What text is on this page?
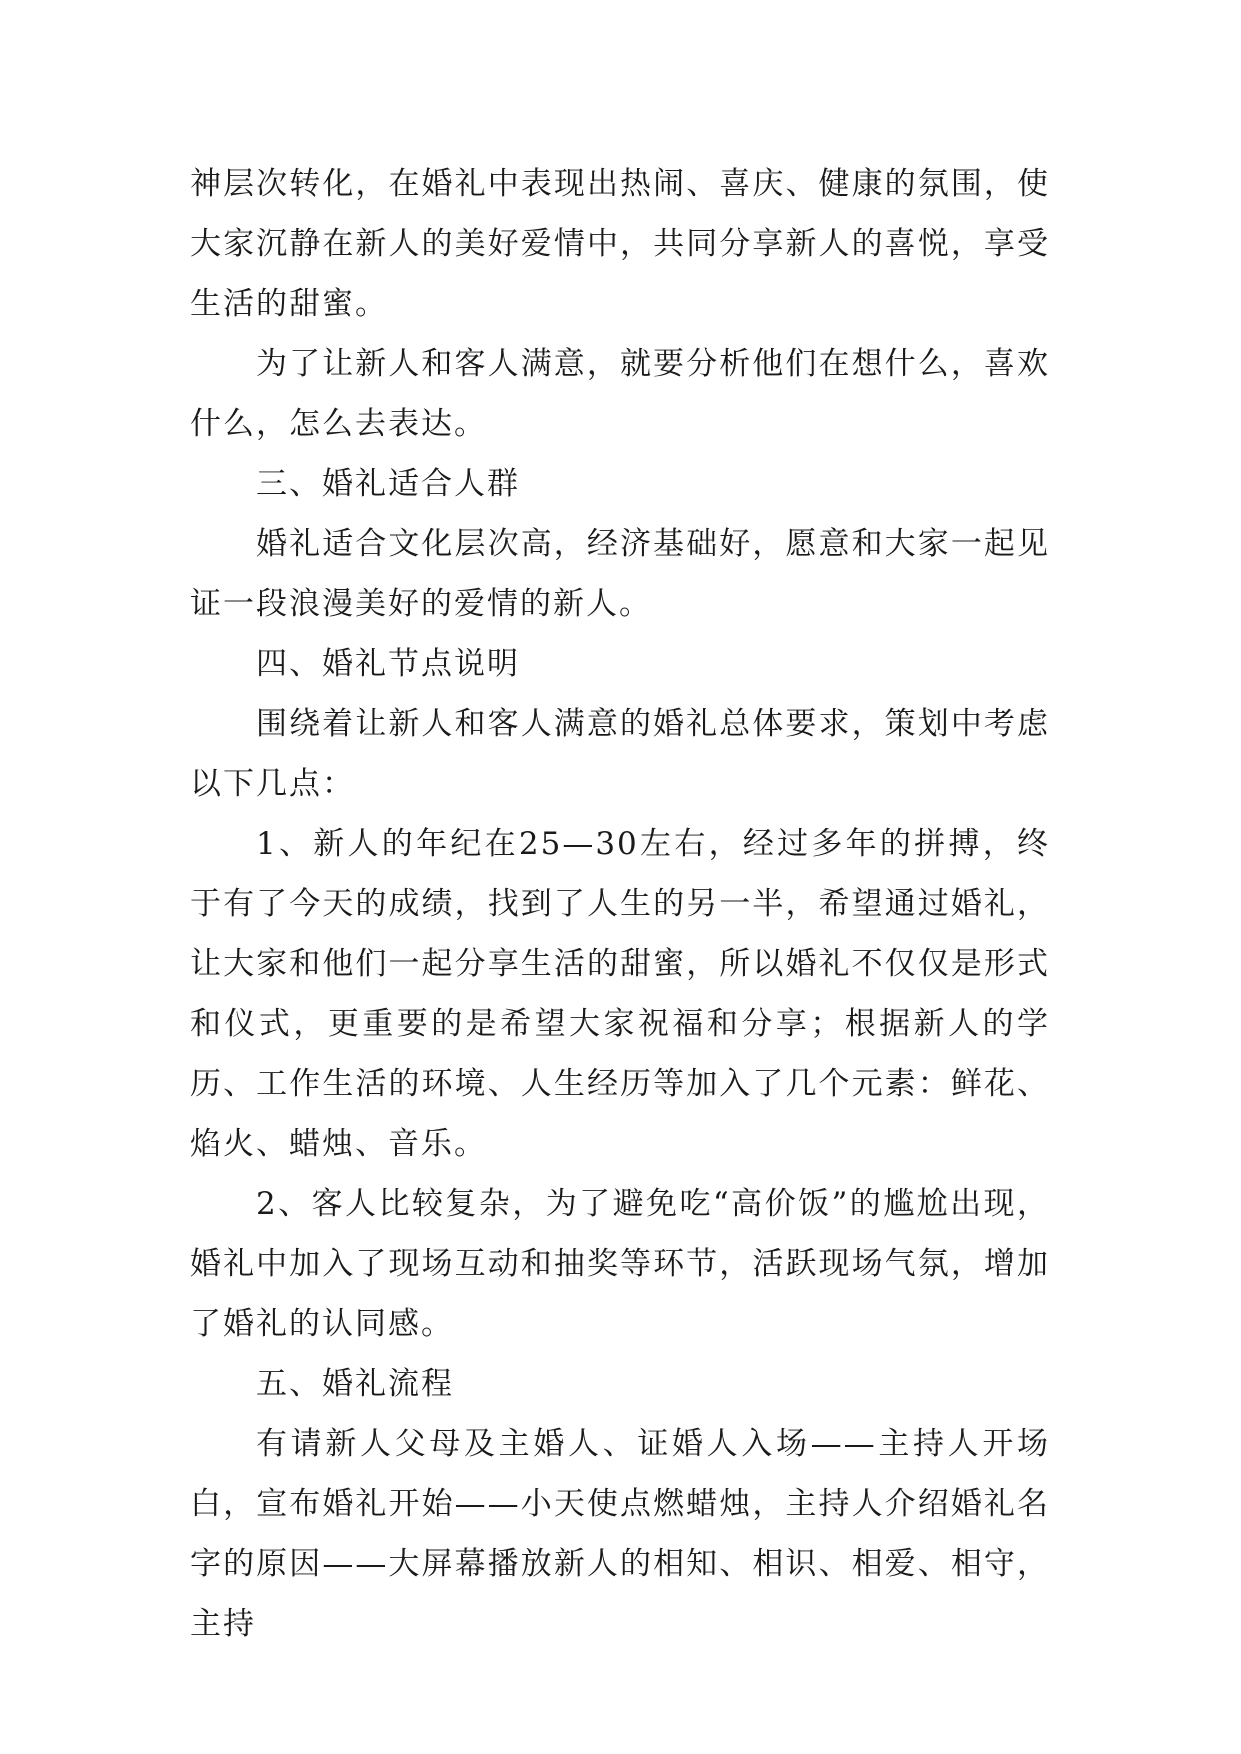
神层次转化，在婚礼中表现出热闹、喜庆、健康的氛围，使大家沉静在新人的美好爱情中，共同分享新人的喜悦，享受生活的甜蜜。

为了让新人和客人满意，就要分析他们在想什么，喜欢什么，怎么去表达。

三、婚礼适合人群

婚礼适合文化层次高，经济基础好，愿意和大家一起见证一段浪漫美好的爱情的新人。

四、婚礼节点说明

围绕着让新人和客人满意的婚礼总体要求，策划中考虑以下几点：

1、新人的年纪在25—30左右，经过多年的拼搏，终于有了今天的成绩，找到了人生的另一半，希望通过婚礼，让大家和他们一起分享生活的甜蜜，所以婚礼不仅仅是形式和仪式，更重要的是希望大家祝福和分享；根据新人的学历、工作生活的环境、人生经历等加入了几个元素：鲜花、焰火、蜡烛、音乐。

2、客人比较复杂，为了避免吃“高价饭”的尴尬出现，婚礼中加入了现场互动和抽奖等环节，活跃现场气氛，增加了婚礼的认同感。

五、婚礼流程

有请新人父母及主婚人、证婚人入场——主持人开场白，宣布婚礼开始——小天使点燃蜡烛，主持人介绍婚礼名字的原因——大屏幕播放新人的相知、相识、相爱、相守，主持
